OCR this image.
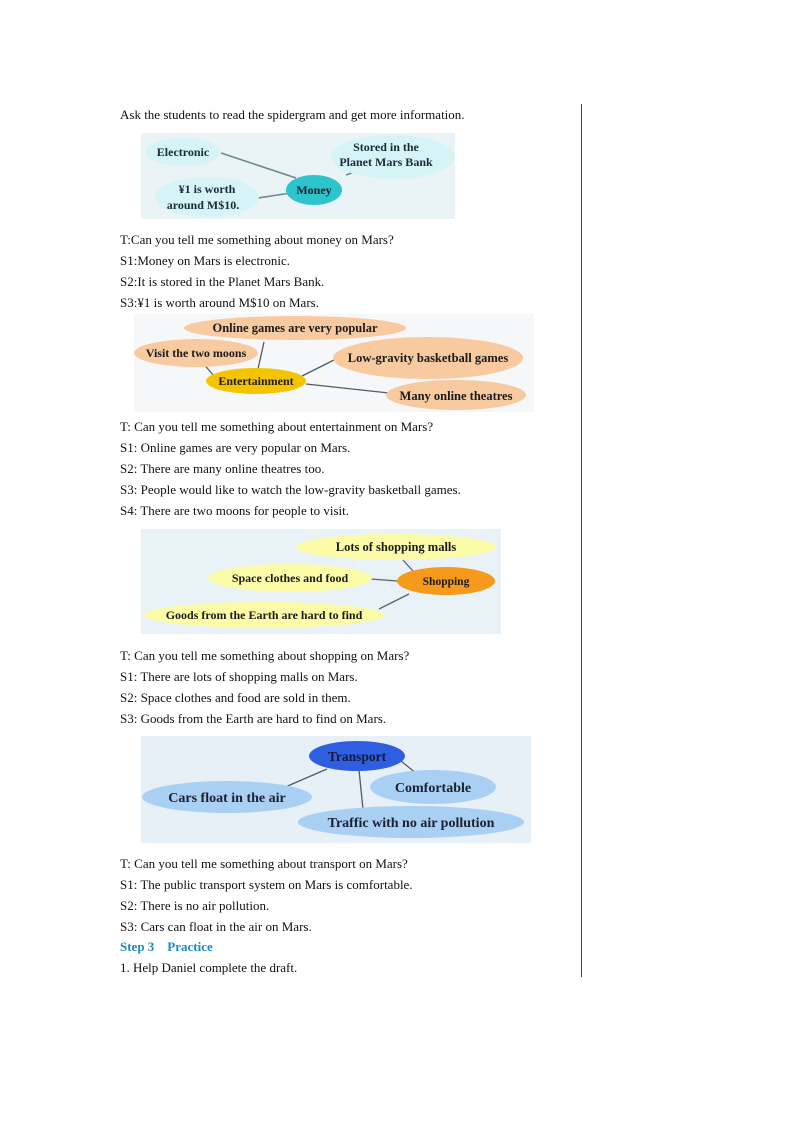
Ask the students to read the spidergram and get more information.
Electronic	Stored in the
Planet Mars Bank
¥1 is worth
around M$10.
Money
T:Can you tell me something about money on Mars?
S1:Money on Mars is electronic.
S2:It is stored in the Planet Mars Bank.
S3:¥1 is worth around M$10 on Mars.
Online games are very popular
Visit the two moons	Low-gravity basketball games
Many online theatres
Entertainment
T: Can you tell me something about entertainment on Mars?
S1: Online games are very popular on Mars.
S2: There are many online theatres too.
S3: People would like to watch the low-gravity basketball games.
S4: There are two moons for people to visit.
Lots of shopping malls
Space clothes and food
Goods from the Earth are hard to find
Shopping
T: Can you tell me something about shopping on Mars?
S1: There are lots of shopping malls on Mars.
S2: Space clothes and food are sold in them.
S3: Goods from the Earth are hard to find on Mars.
Transport
Comfortable
Cars float in the air
Traffic with no air pollution
T: Can you tell me something about transport on Mars?
S1: The public transport system on Mars is comfortable.
S2: There is no air pollution.
S3: Cars can float in the air on Mars.
Step 3    Practice
1. Help Daniel complete the draft.
